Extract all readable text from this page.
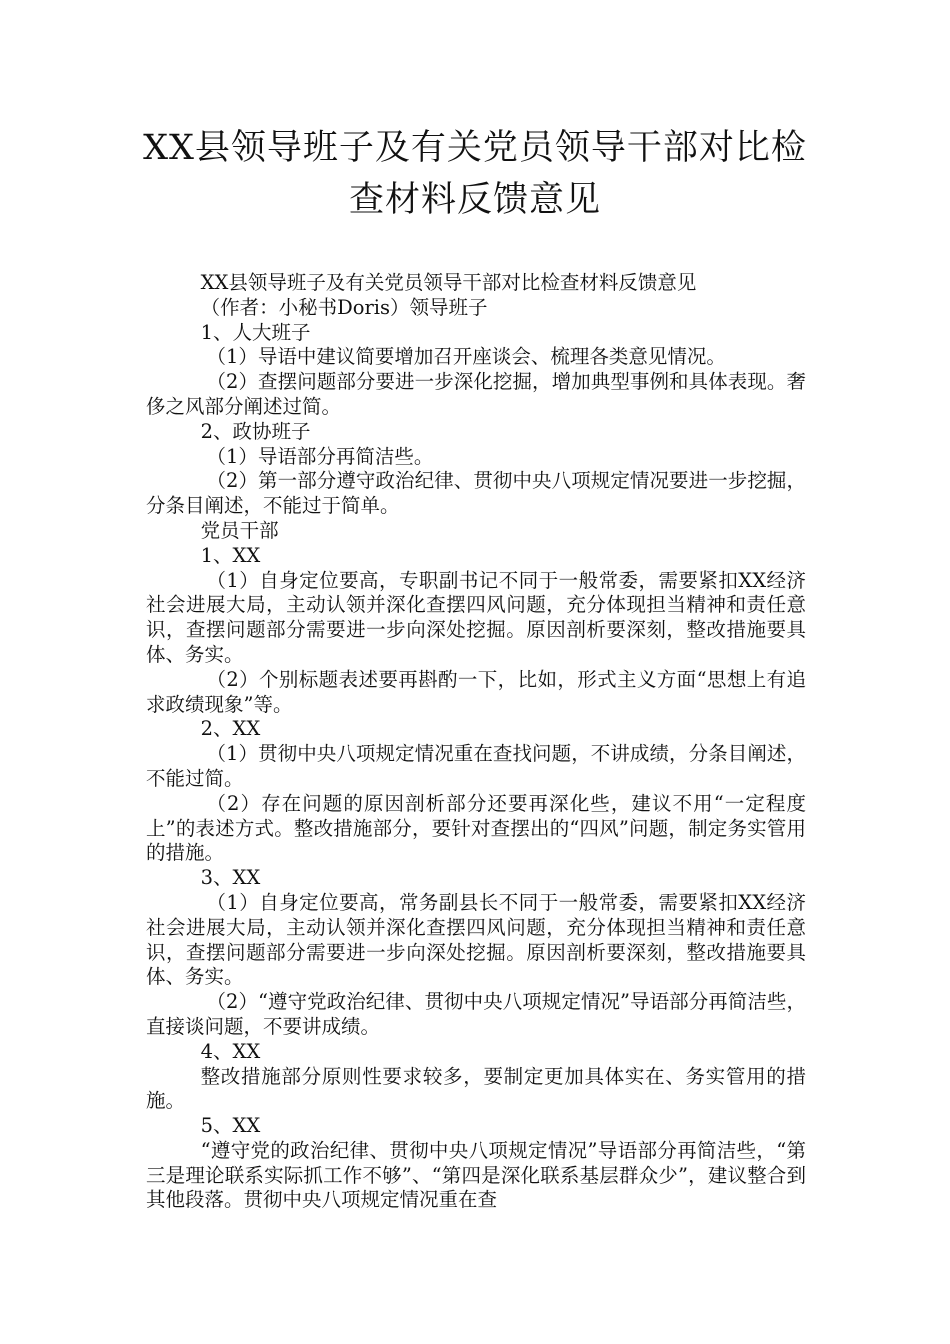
XX县领导班子及有关党员领导干部对比检
查材料反馈意见

XX县领导班子及有关党员领导干部对比检查材料反馈意见

（作者：小秘书Doris）领导班子

1、人大班子

（1）导语中建议简要增加召开座谈会、梳理各类意见情况。

（2）查摆问题部分要进一步深化挖掘，增加典型事例和具体表现。奢侈之风部分阐述过简。

2、政协班子

（1）导语部分再简洁些。

（2）第一部分遵守政治纪律、贯彻中央八项规定情况要进一步挖掘，分条目阐述，不能过于简单。

党员干部

1、XX

（1）自身定位要高，专职副书记不同于一般常委，需要紧扣XX经济社会进展大局，主动认领并深化查摆四风问题，充分体现担当精神和责任意识，查摆问题部分需要进一步向深处挖掘。原因剖析要深刻，整改措施要具体、务实。

（2）个别标题表述要再斟酌一下，比如，形式主义方面“思想上有追求政绩现象”等。

2、XX

（1）贯彻中央八项规定情况重在查找问题，不讲成绩，分条目阐述，不能过简。

（2）存在问题的原因剖析部分还要再深化些，建议不用“一定程度上”的表述方式。整改措施部分，要针对查摆出的“四风”问题，制定务实管用的措施。

3、XX

（1）自身定位要高，常务副县长不同于一般常委，需要紧扣XX经济社会进展大局，主动认领并深化查摆四风问题，充分体现担当精神和责任意识，查摆问题部分需要进一步向深处挖掘。原因剖析要深刻，整改措施要具体、务实。

（2）“遵守党政治纪律、贯彻中央八项规定情况”导语部分再简洁些，直接谈问题，不要讲成绩。

4、XX

整改措施部分原则性要求较多，要制定更加具体实在、务实管用的措施。

5、XX

“遵守党的政治纪律、贯彻中央八项规定情况”导语部分再简洁些，“第三是理论联系实际抓工作不够”、“第四是深化联系基层群众少”，建议整合到其他段落。贯彻中央八项规定情况重在查
